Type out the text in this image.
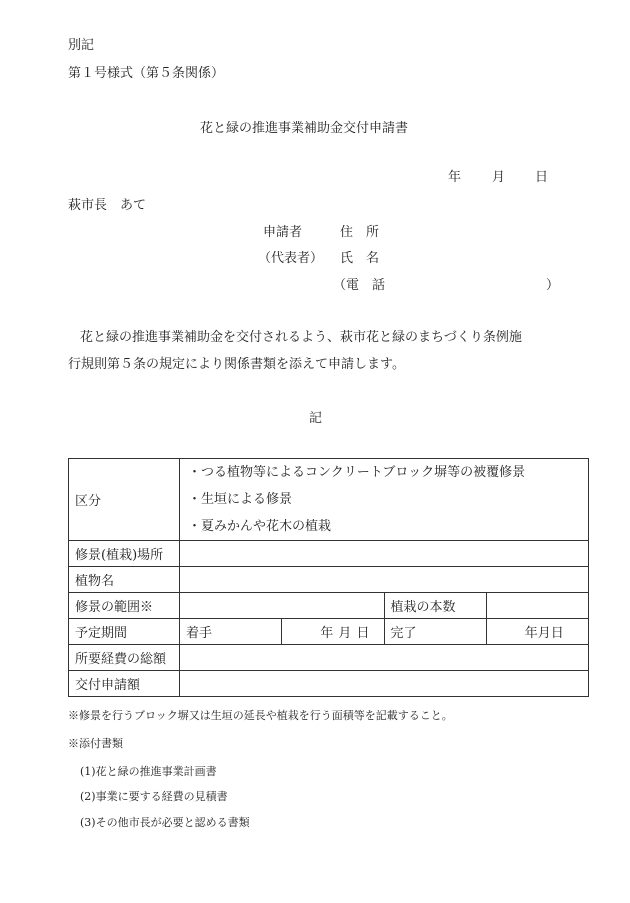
別記
第１号様式（第５条関係）
花と緑の推進事業補助金交付申請書
年 月 日
萩市長　あて
申請者	住　所
（代表者） 氏　名
（電　話	）
花と緑の推進事業補助金を交付されるよう、萩市花と緑のまちづくり条例施
行規則第５条の規定により関係書類を添えて申請します。
記
区分	・つる植物等によるコンクリートブロック塀等の被覆修景
・生垣による修景
・夏みかんや花木の植栽			

修景(植栽)場所				
植物名				
修景の範囲※			植栽の本数	
予定期間	着手	年 月 日	完了	年 月 日

所要経費の総額				
交付申請額				
※修景を行うブロック塀又は生垣の延長や植栽を行う面積等を記載すること。
※添付書類
(1)花と緑の推進事業計画書
(2)事業に要する経費の見積書
(3)その他市長が必要と認める書類
